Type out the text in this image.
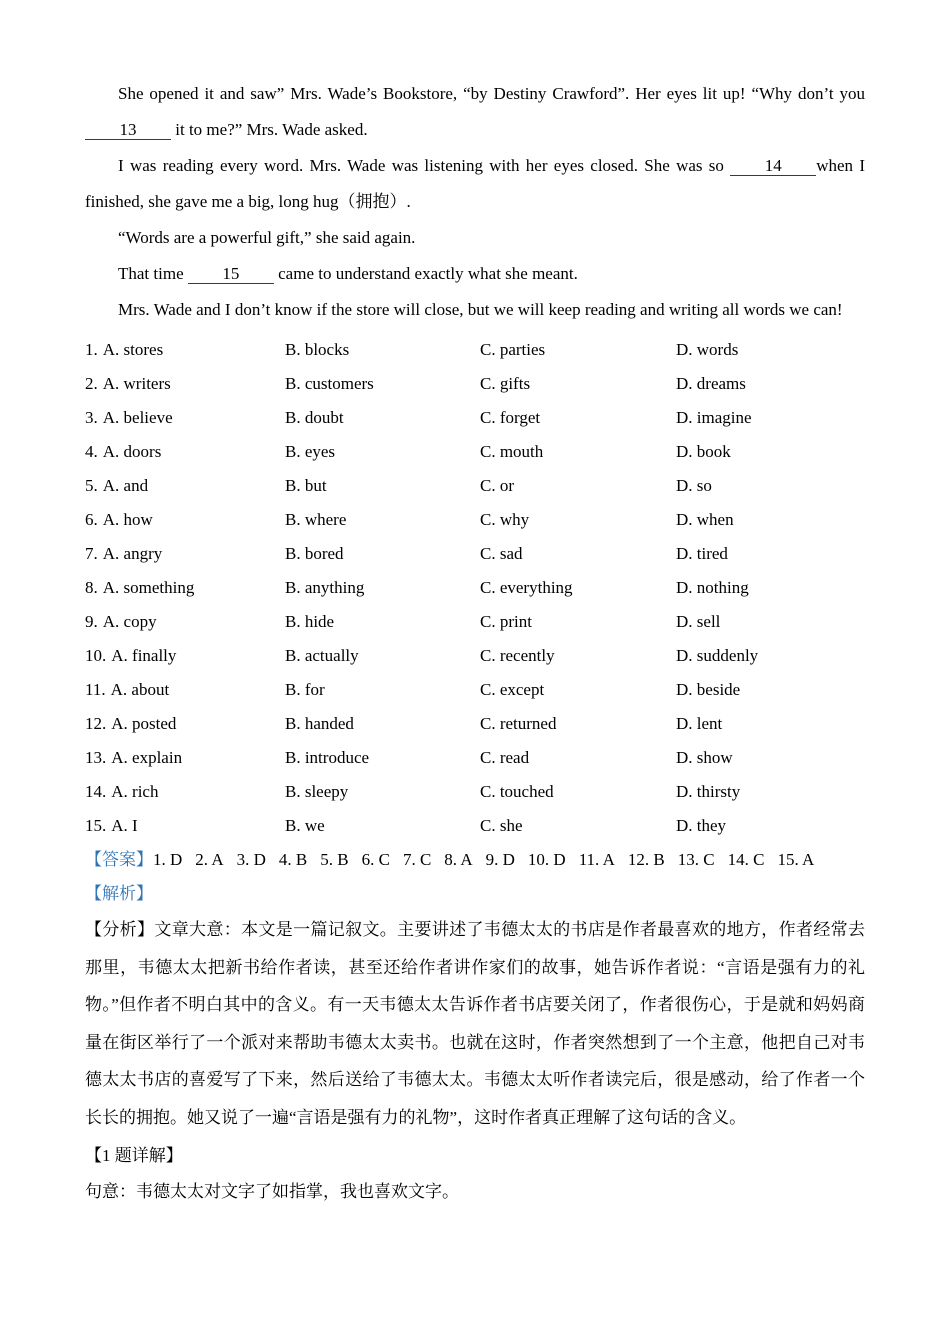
She opened it and saw” Mrs. Wade’s Bookstore, “by Destiny Crawford”. Her eyes lit up! “Why don’t you 13 it to me?” Mrs. Wade asked.

I was reading every word. Mrs. Wade was listening with her eyes closed. She was so 14 when I finished, she gave me a big, long hug（拥抱）.

“Words are a powerful gift,” she said again.

That time 15 came to understand exactly what she meant.

Mrs. Wade and I don’t know if the store will close, but we will keep reading and writing all words we can!

1. A. stores	B. blocks	C. parties	D. words
2. A. writers	B. customers	C. gifts	D. dreams
3. A. believe	B. doubt	C. forget	D. imagine
4. A. doors	B. eyes	C. mouth	D. book
5. A. and	B. but	C. or	D. so
6. A. how	B. where	C. why	D. when
7. A. angry	B. bored	C. sad	D. tired
8. A. something	B. anything	C. everything	D. nothing
9. A. copy	B. hide	C. print	D. sell
10. A. finally	B. actually	C. recently	D. suddenly
11. A. about	B. for	C. except	D. beside
12. A. posted	B. handed	C. returned	D. lent
13. A. explain	B. introduce	C. read	D. show
14. A. rich	B. sleepy	C. touched	D. thirsty
15. A. I	B. we	C. she	D. they
【答案】 1. D 2. A 3. D 4. B 5. B 6. C 7. C 8. A 9. D 10. D 11. A 12. B 13. C 14. C 15. A
【解析】

【分析】文章大意：本文是一篇记叙文。主要讲述了韦德太太的书店是作者最喜欢的地方，作者经常去那里，韦德太太把新书给作者读，甚至还给作者讲作家们的故事，她告诉作者说：“言语是强有力的礼物。”但作者不明白其中的含义。有一天韦德太太告诉作者书店要关闭了，作者很伤心，于是就和妈妈商量在街区举行了一个派对来帮助韦德太太卖书。也就在这时，作者突然想到了一个主意，他把自己对韦德太太书店的喜爱写了下来，然后送给了韦德太太。韦德太太听作者读完后，很是感动，给了作者一个长长的拥抱。她又说了一遍“言语是强有力的礼物”，这时作者真正理解了这句话的含义。

【1 题详解】
句意：韦德太太对文字了如指掌，我也喜欢文字。
